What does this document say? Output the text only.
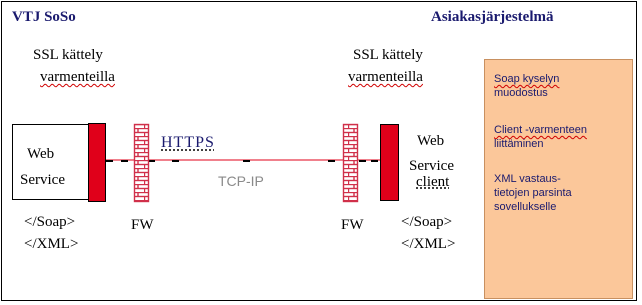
VTJ SoSo	Asiakasjärjestelmä
SSL kättely
varmenteilla
SSL kättely
varmenteilla	Soap kyselyn
muodostus
Client -varmenteen
liittäminen
XML vastaus-
tietojen parsinta
sovellukselle
Web
Service
HTTPS
TCP-IP
Web
Service
client
</Soap>
</XML>
FW	FW	</Soap>
</XML>
